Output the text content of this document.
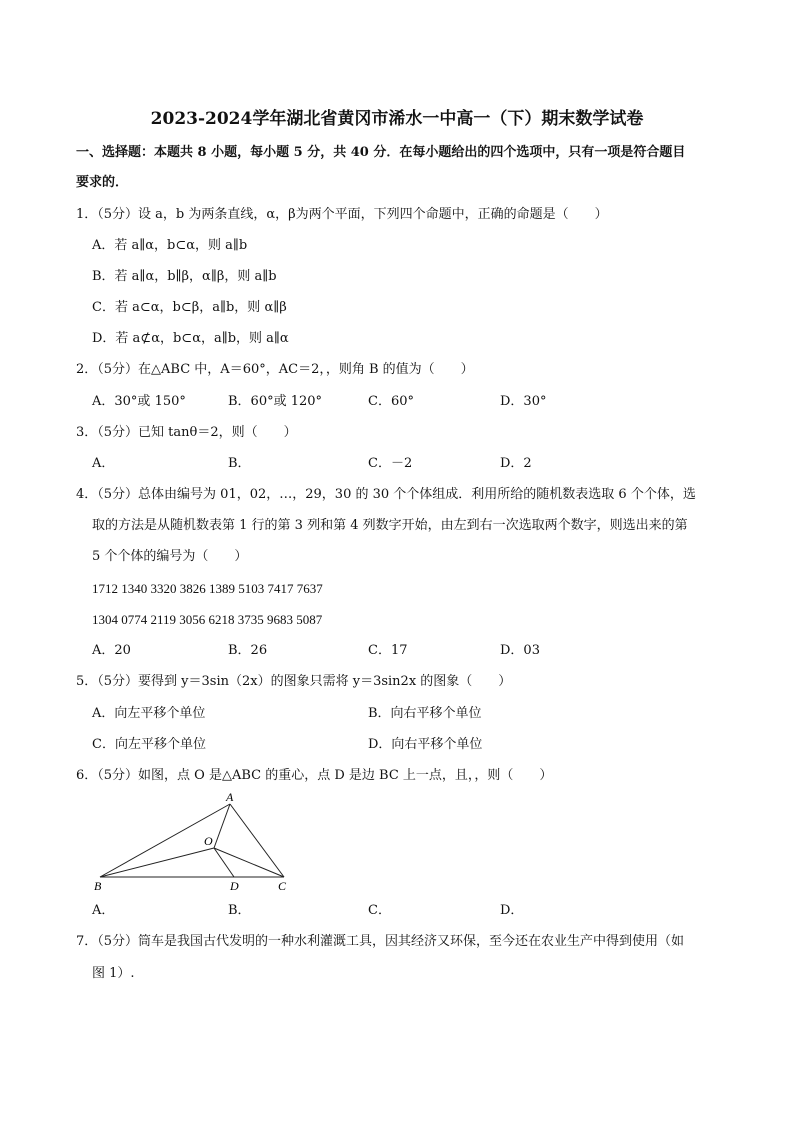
2023-2024学年湖北省黄冈市浠水一中高一（下）期末数学试卷
一、选择题：本题共 8 小题，每小题 5 分，共 40 分．在每小题给出的四个选项中，只有一项是符合题目
要求的．
1．（5分）设 a，b 为两条直线，α，β为两个平面，下列四个命题中，正确的命题是（　　）
A．若 a∥α，b⊂α，则 a∥b
B．若 a∥α，b∥β，α∥β，则 a∥b
C．若 a⊂α，b⊂β，a∥b，则 α∥β
D．若 a⊄α，b⊂α，a∥b，则 a∥α
2．（5分）在△ABC 中，A＝60°，AC＝2，，则角 B 的值为（　　）
A．30°或 150°	B．60°或 120°	C．60°	D．30°
3．（5分）已知 tanθ＝2，则（　　）
A．	B．	C．－2	D．2
4．（5分）总体由编号为 01，02，…，29，30 的 30 个个体组成．利用所给的随机数表选取 6 个个体，选
取的方法是从随机数表第 1 行的第 3 列和第 4 列数字开始，由左到右一次选取两个数字，则选出来的第
5 个个体的编号为（　　）
1712 1340 3320 3826 1389 5103 7417 7637
1304 0774 2119 3056 6218 3735 9683 5087
A．20	B．26	C．17	D．03
5．（5分）要得到 y＝3sin（2x）的图象只需将 y＝3sin2x 的图象（　　）
A．向左平移个单位	B．向右平移个单位
C．向左平移个单位	D．向右平移个单位
6．（5分）如图，点 O 是△ABC 的重心，点 D 是边 BC 上一点，且，，则（　　）
A
O
B	D	C
A．	B．	C．	D．
7．（5分）筒车是我国古代发明的一种水利灌溉工具，因其经济又环保，至今还在农业生产中得到使用（如
图 1）.
